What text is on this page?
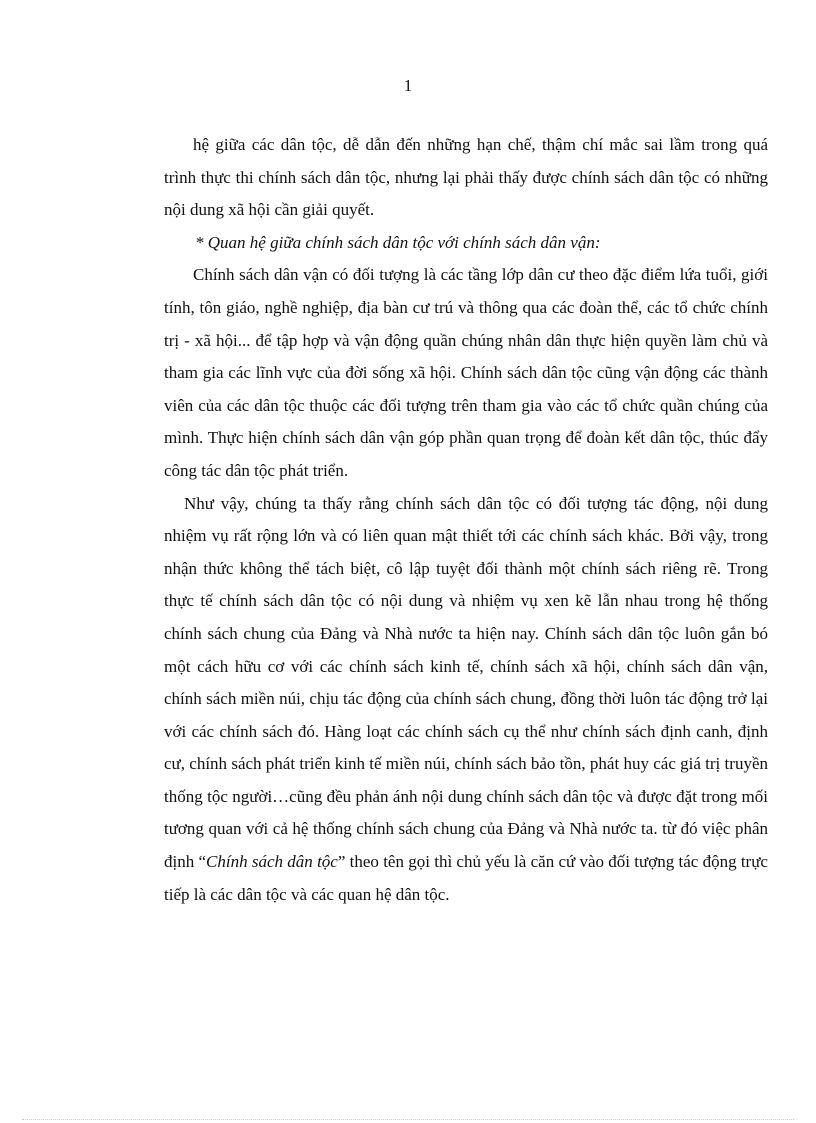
1

hệ giữa các dân tộc, dễ dẫn đến những hạn chế, thậm chí mắc sai lầm trong quá trình thực thi chính sách dân tộc, nhưng lại phải thấy được chính sách dân tộc có những nội dung xã hội cần giải quyết.

* Quan hệ giữa chính sách dân tộc với chính sách dân vận:

Chính sách dân vận có đối tượng là các tầng lớp dân cư theo đặc điểm lứa tuổi, giới tính, tôn giáo, nghề nghiệp, địa bàn cư trú và thông qua các đoàn thể, các tổ chức chính trị - xã hội... để tập hợp và vận động quần chúng nhân dân thực hiện quyền làm chủ và tham gia các lĩnh vực của đời sống xã hội. Chính sách dân tộc cũng vận động các thành viên của các dân tộc thuộc các đối tượng trên tham gia vào các tổ chức quần chúng của mình. Thực hiện chính sách dân vận góp phần quan trọng để đoàn kết dân tộc, thúc đẩy công tác dân tộc phát triển.

Như vậy, chúng ta thấy rằng chính sách dân tộc có đối tượng tác động, nội dung nhiệm vụ rất rộng lớn và có liên quan mật thiết tới các chính sách khác. Bởi vậy, trong nhận thức không thể tách biệt, cô lập tuyệt đối thành một chính sách riêng rẽ. Trong thực tế chính sách dân tộc có nội dung và nhiệm vụ xen kẽ lẫn nhau trong hệ thống chính sách chung của Đảng và Nhà nước ta hiện nay. Chính sách dân tộc luôn gắn bó một cách hữu cơ với các chính sách kinh tế, chính sách xã hội, chính sách dân vận, chính sách miền núi, chịu tác động của chính sách chung, đồng thời luôn tác động trở lại với các chính sách đó. Hàng loạt các chính sách cụ thể như chính sách định canh, định cư, chính sách phát triển kinh tế miền núi, chính sách bảo tồn, phát huy các giá trị truyền thống tộc người…cũng đều phản ánh nội dung chính sách dân tộc và được đặt trong mối tương quan với cả hệ thống chính sách chung của Đảng và Nhà nước ta. từ đó việc phân định “Chính sách dân tộc” theo tên gọi thì chủ yếu là căn cứ vào đối tượng tác động trực tiếp là các dân tộc và các quan hệ dân tộc.
